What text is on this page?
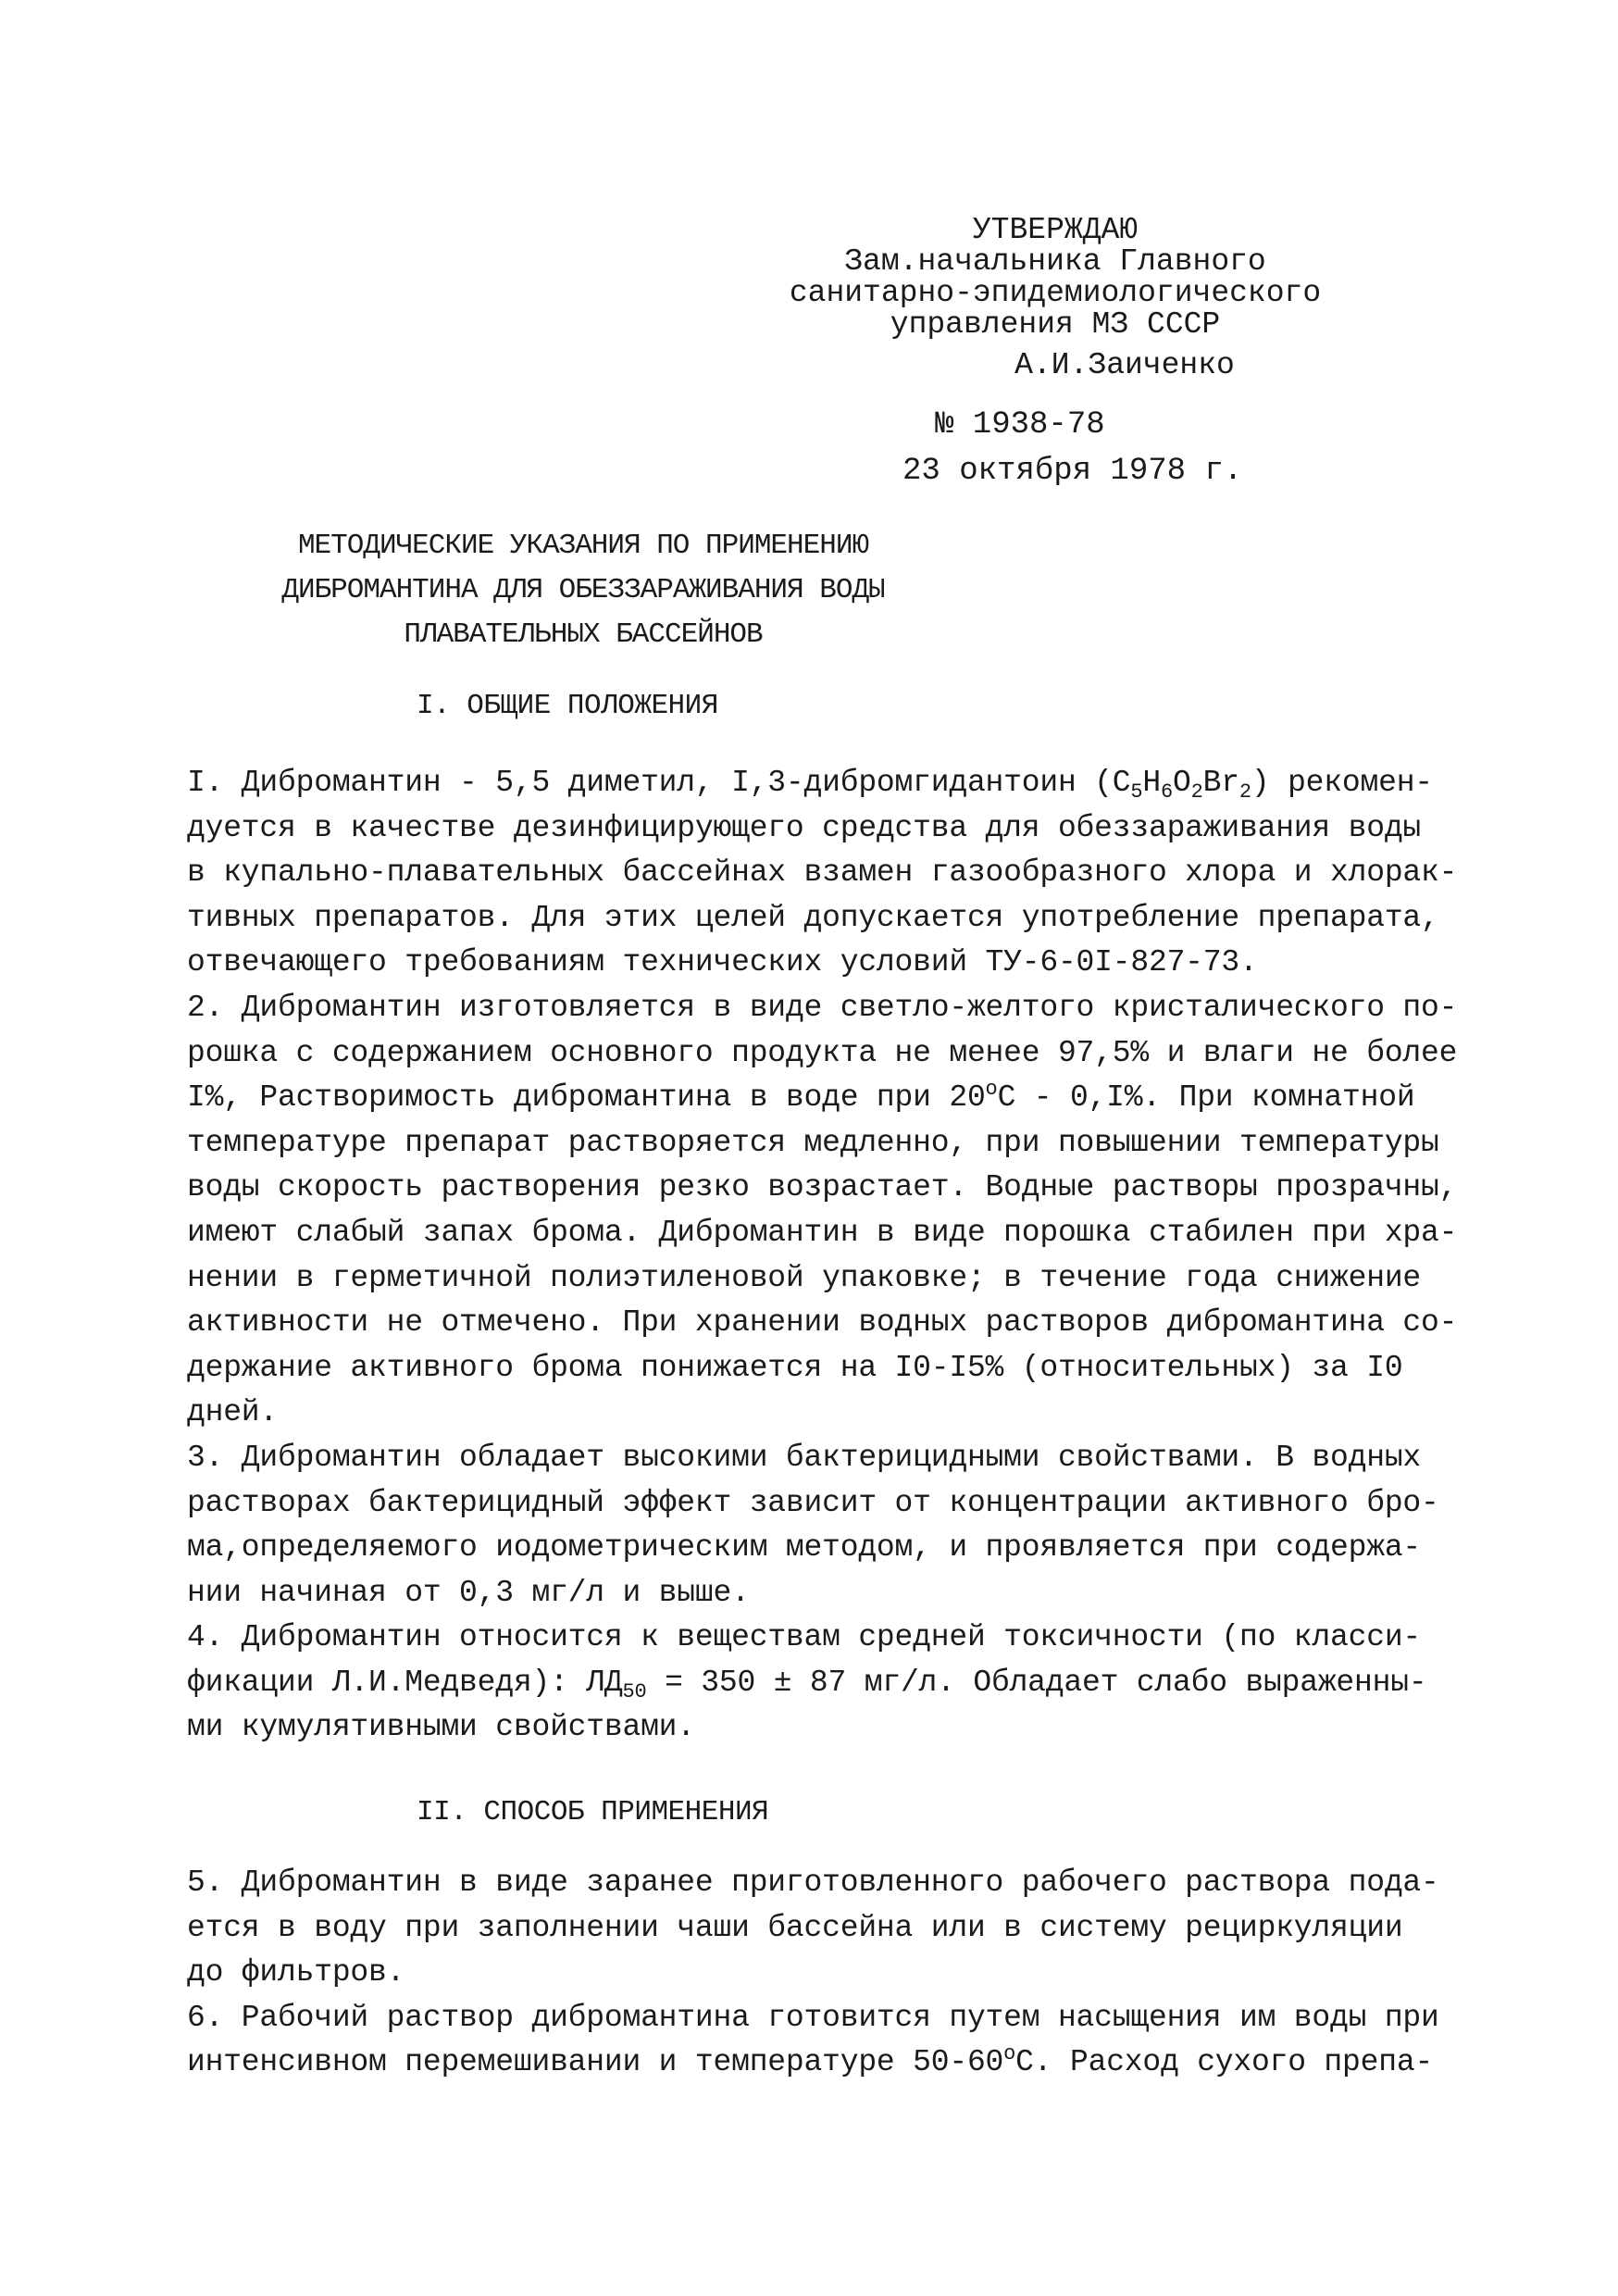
УТВЕРЖДАЮ
Зам.начальника Главного
санитарно-эпидемиологического
управления МЗ СССР
А.И.Заиченко
№ 1938-78
23 октября 1978 г.
МЕТОДИЧЕСКИЕ УКАЗАНИЯ ПО ПРИМЕНЕНИЮ
ДИБРОМАНТИНА ДЛЯ ОБЕЗЗАРАЖИВАНИЯ ВОДЫ
ПЛАВАТЕЛЬНЫХ БАССЕЙНОВ
I. ОБЩИЕ ПОЛОЖЕНИЯ
I. Дибромантин - 5,5 диметил, I,3-дибромгидантоин $(C_5H_6O_2Br_2)$ рекомен-
дуется в качестве дезинфицирующего средства для обеззараживания воды
в купально-плавательных бассейнах взамен газообразного хлора и хлорак-
тивных препаратов. Для этих целей допускается употребление препарата,
отвечающего требованиям технических условий ТУ-6-0I-827-73.
2. Дибромантин изготовляется в виде светло-желтого кристалического по-
рошка с содержанием основного продукта не менее 97,5% и влаги не более
I%, Растворимость дибромантина в воде при $20^оС - 0,I\%$. При комнатной
температуре препарат растворяется медленно, при повышении температуры
воды скорость растворения резко возрастает. Водные растворы прозрачны,
имеют слабый запах брома. Дибромантин в виде порошка стабилен при хра-
нении в герметичной полиэтиленовой упаковке; в течение года снижение
активности не отмечено. При хранении водных растворов дибромантина со-
держание активного брома понижается на I0-I5% (относительных) за I0
дней.
3. Дибромантин обладает высокими бактерицидными свойствами. В водных
растворах бактерицидный эффект зависит от концентрации активного бро-
ма,определяемого иодометрическим методом, и проявляется при содержа-
нии начиная от 0,3 мг/л и выше.
4. Дибромантин относится к веществам средней токсичности (по класси-
фикации Л.И.Медведя): $ЛД_{50} = 350 \pm 87$ мг/л. Обладает слабо выраженны-
ми кумулятивными свойствами.
II. СПОСОБ ПРИМЕНЕНИЯ
5. Дибромантин в виде заранее приготовленного рабочего раствора пода-
ется в воду при заполнении чаши бассейна или в систему рециркуляции
до фильтров.
6. Рабочий раствор дибромантина готовится путем насыщения им воды при
интенсивном перемешивании и температуре $50-60^оС$. Расход сухого препа-
